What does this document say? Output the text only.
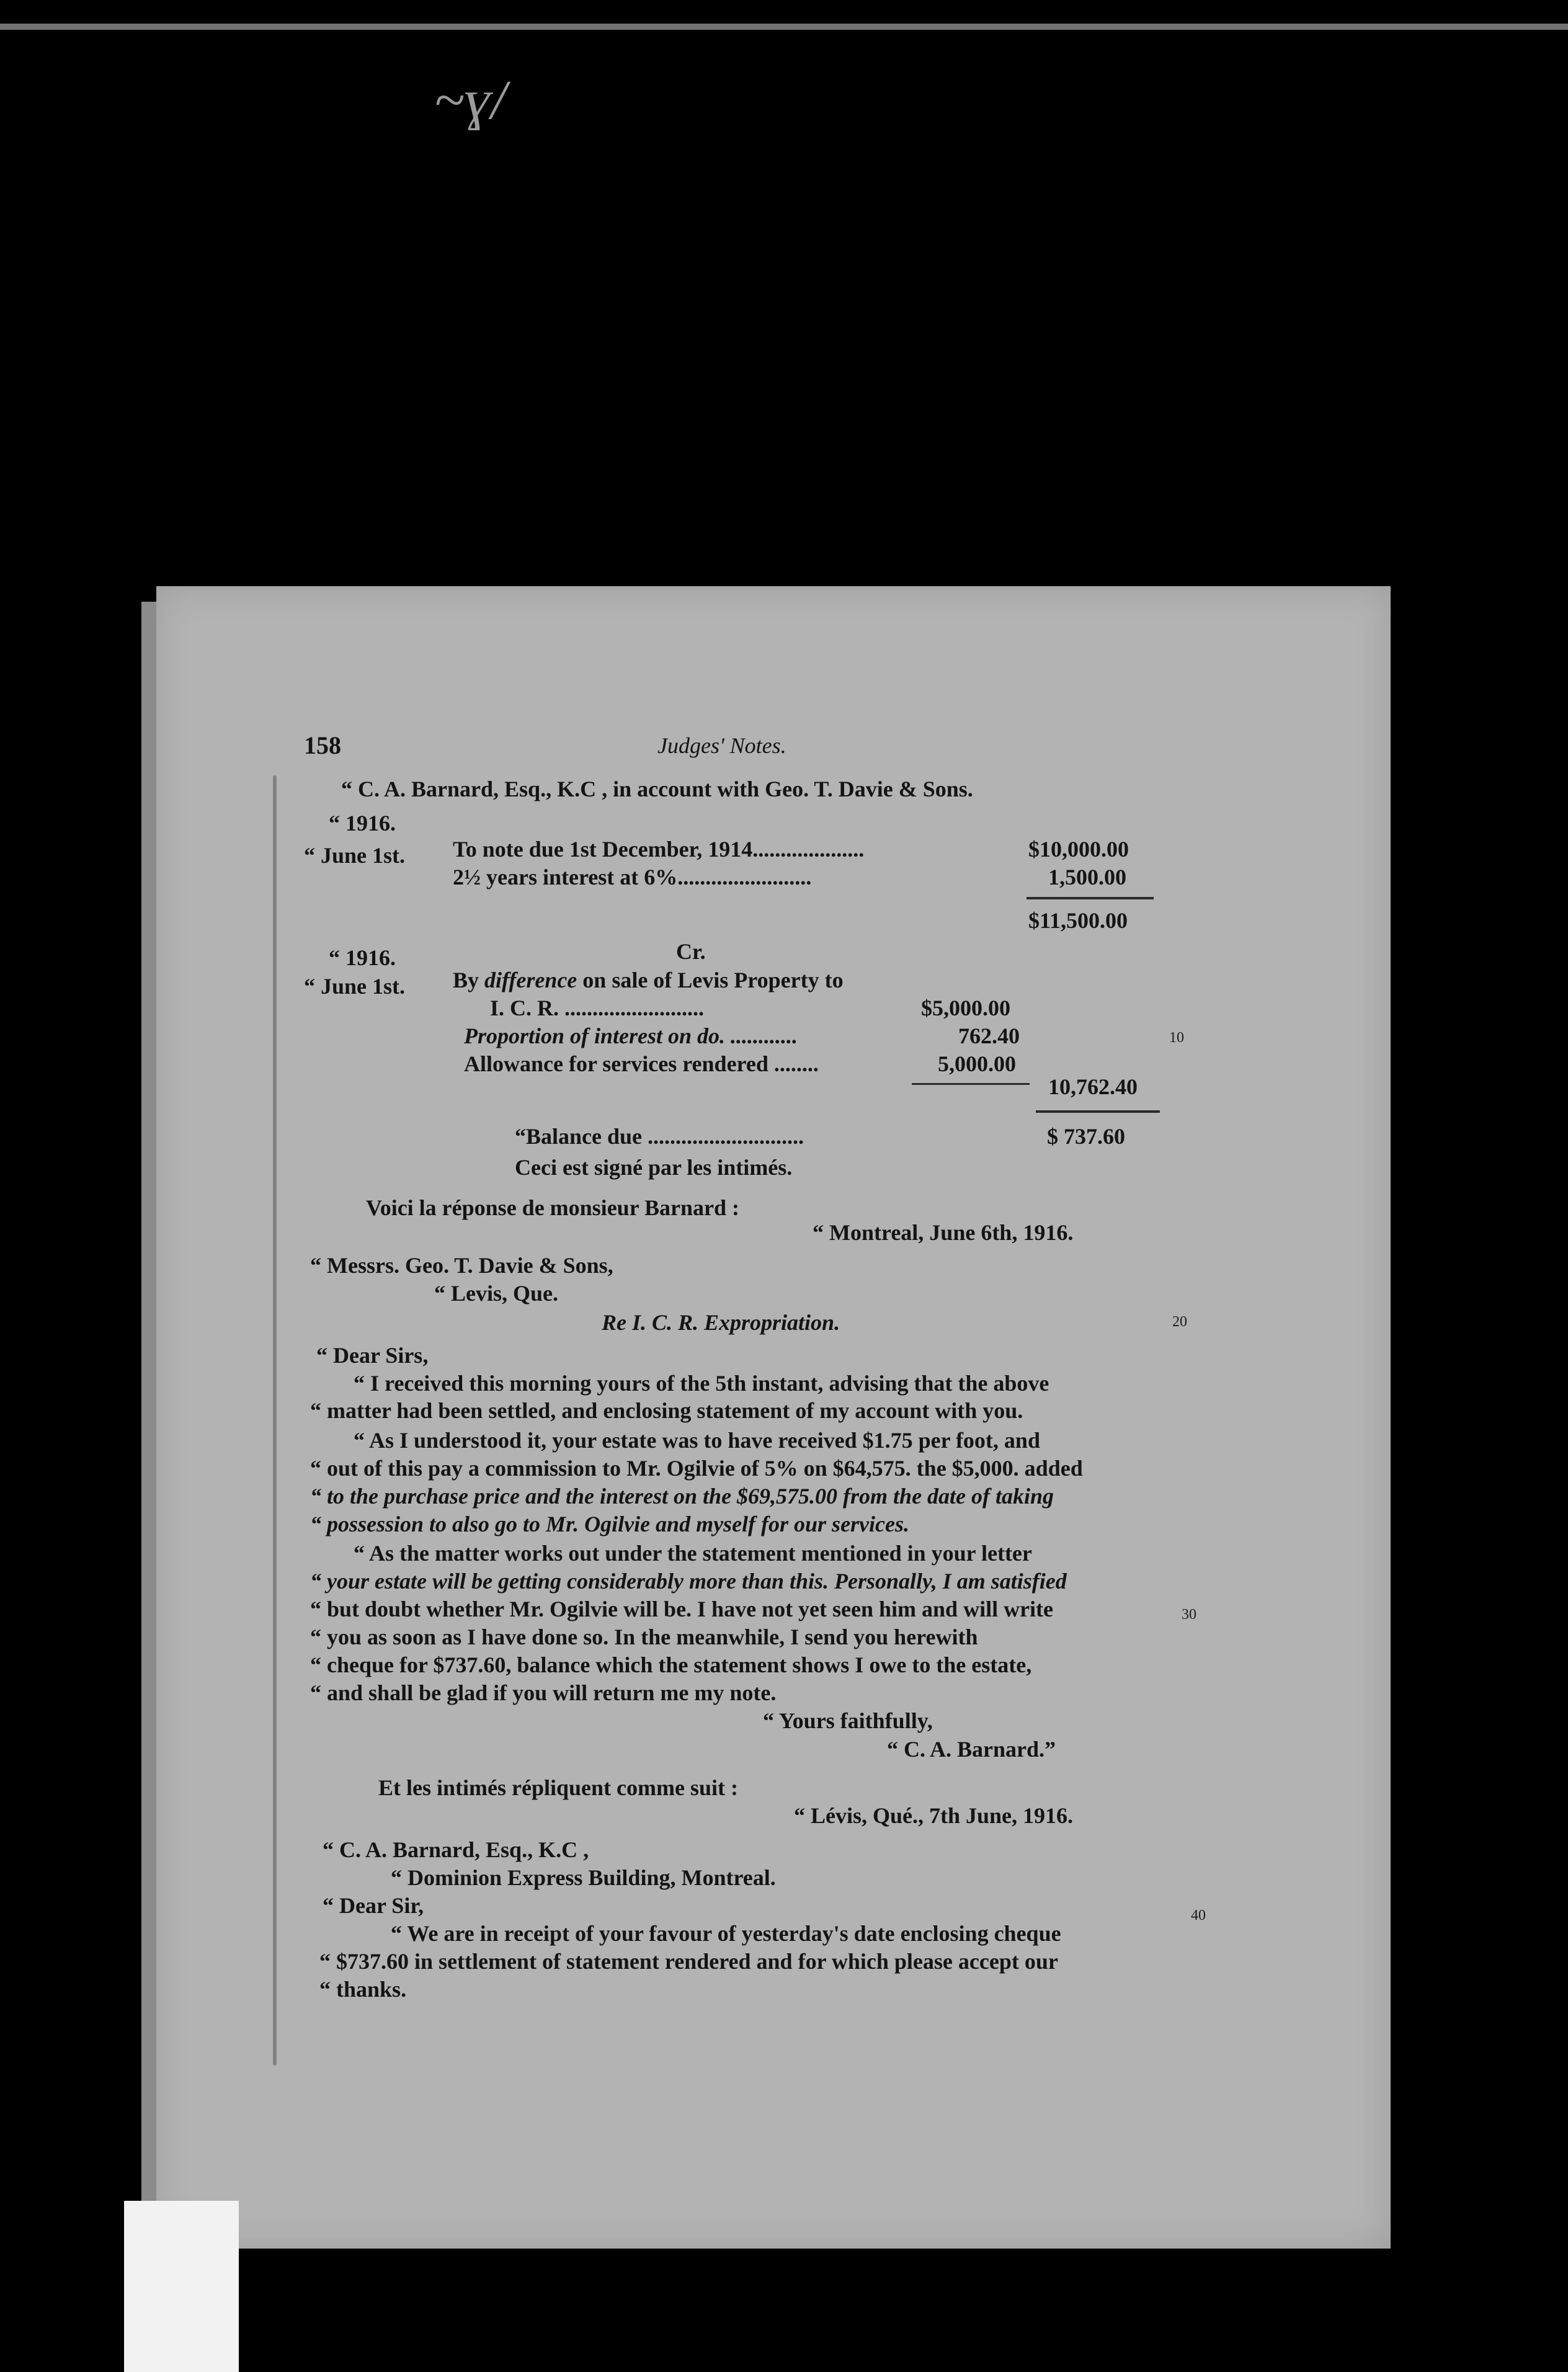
~ɣ/
158	Judges' Notes.
“ C. A. Barnard, Esq., K.C , in account with Geo. T. Davie & Sons.
“ 1916.
“ June 1st. To note due 1st December, 1914....................	$10,000.00
2½ years interest at 6%........................	1,500.00
$11,500.00
“ 1916.	Cr.
“ June 1st. By difference on sale of Levis Property to
I. C. R. .........................	$5,000.00
Proportion of interest on do. ............	762.40
Allowance for services rendered ........	5,000.00
10,762.40
“Balance due ............................	$ 737.60
Ceci est signé par les intimés.
Voici la réponse de monsieur Barnard :
“ Montreal, June 6th, 1916.
“ Messrs. Geo. T. Davie & Sons,
“ Levis, Que.
Re I. C. R. Expropriation.
“ Dear Sirs,
“ I received this morning yours of the 5th instant, advising that the above
“ matter had been settled, and enclosing statement of my account with you.
“ As I understood it, your estate was to have received $1.75 per foot, and
“ out of this pay a commission to Mr. Ogilvie of 5% on $64,575. the $5,000. added
“ to the purchase price and the interest on the $69,575.00 from the date of taking
“ possession to also go to Mr. Ogilvie and myself for our services.
“ As the matter works out under the statement mentioned in your letter
“ your estate will be getting considerably more than this. Personally, I am satisfied
“ but doubt whether Mr. Ogilvie will be. I have not yet seen him and will write
“ you as soon as I have done so. In the meanwhile, I send you herewith
“ cheque for $737.60, balance which the statement shows I owe to the estate,
“ and shall be glad if you will return me my note.
“ Yours faithfully,
“ C. A. Barnard.”
Et les intimés répliquent comme suit :
“ Lévis, Qué., 7th June, 1916.
“ C. A. Barnard, Esq., K.C ,
“ Dominion Express Building, Montreal.
“ Dear Sir,
“ We are in receipt of your favour of yesterday's date enclosing cheque
“ $737.60 in settlement of statement rendered and for which please accept our
“ thanks.
10
20
30
40
